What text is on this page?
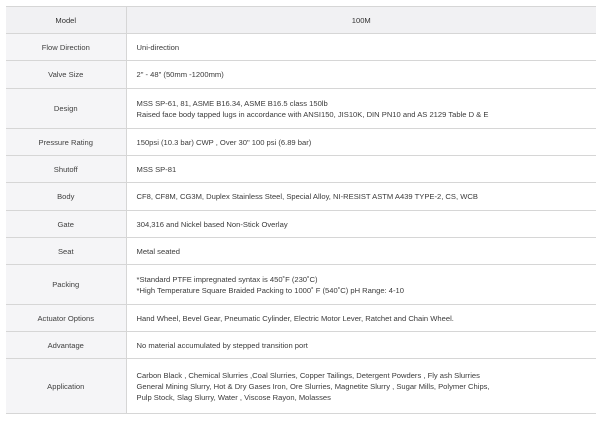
Model	100M
Flow Direction	Uni-direction

Valve Size	2" - 48" (50mm -1200mm)

Design	MSS SP-61, 81, ASME B16.34, ASME B16.5 class 150lb
Raised face body tapped lugs in accordance with ANSI150, JIS10K, DIN PN10 and AS 2129 Table D & E

Pressure Rating	150psi (10.3 bar) CWP , Over 30" 100 psi (6.89 bar)

Shutoff	MSS SP-81

Body	CF8, CF8M, CG3M, Duplex Stainless Steel, Special Alloy, NI-RESIST ASTM A439 TYPE-2, CS, WCB

Gate	304,316 and Nickel based Non-Stick Overlay

Seat	Metal seated

Packing	*Standard PTFE impregnated syntax is 450˚F (230˚C)
*High Temperature Square Braided Packing to 1000˚ F (540˚C) pH Range: 4-10

Actuator Options	Hand Wheel, Bevel Gear, Pneumatic Cylinder, Electric Motor Lever, Ratchet and Chain Wheel.

Advantage	No material accumulated by stepped transition port

Application	Carbon Black , Chemical Slurries ,Coal Slurries, Copper Tailings, Detergent Powders , Fly ash Slurries
General Mining Slurry, Hot & Dry Gases Iron, Ore Slurries, Magnetite Slurry , Sugar Mills, Polymer Chips,
Pulp Stock, Slag Slurry, Water , Viscose Rayon, Molasses
